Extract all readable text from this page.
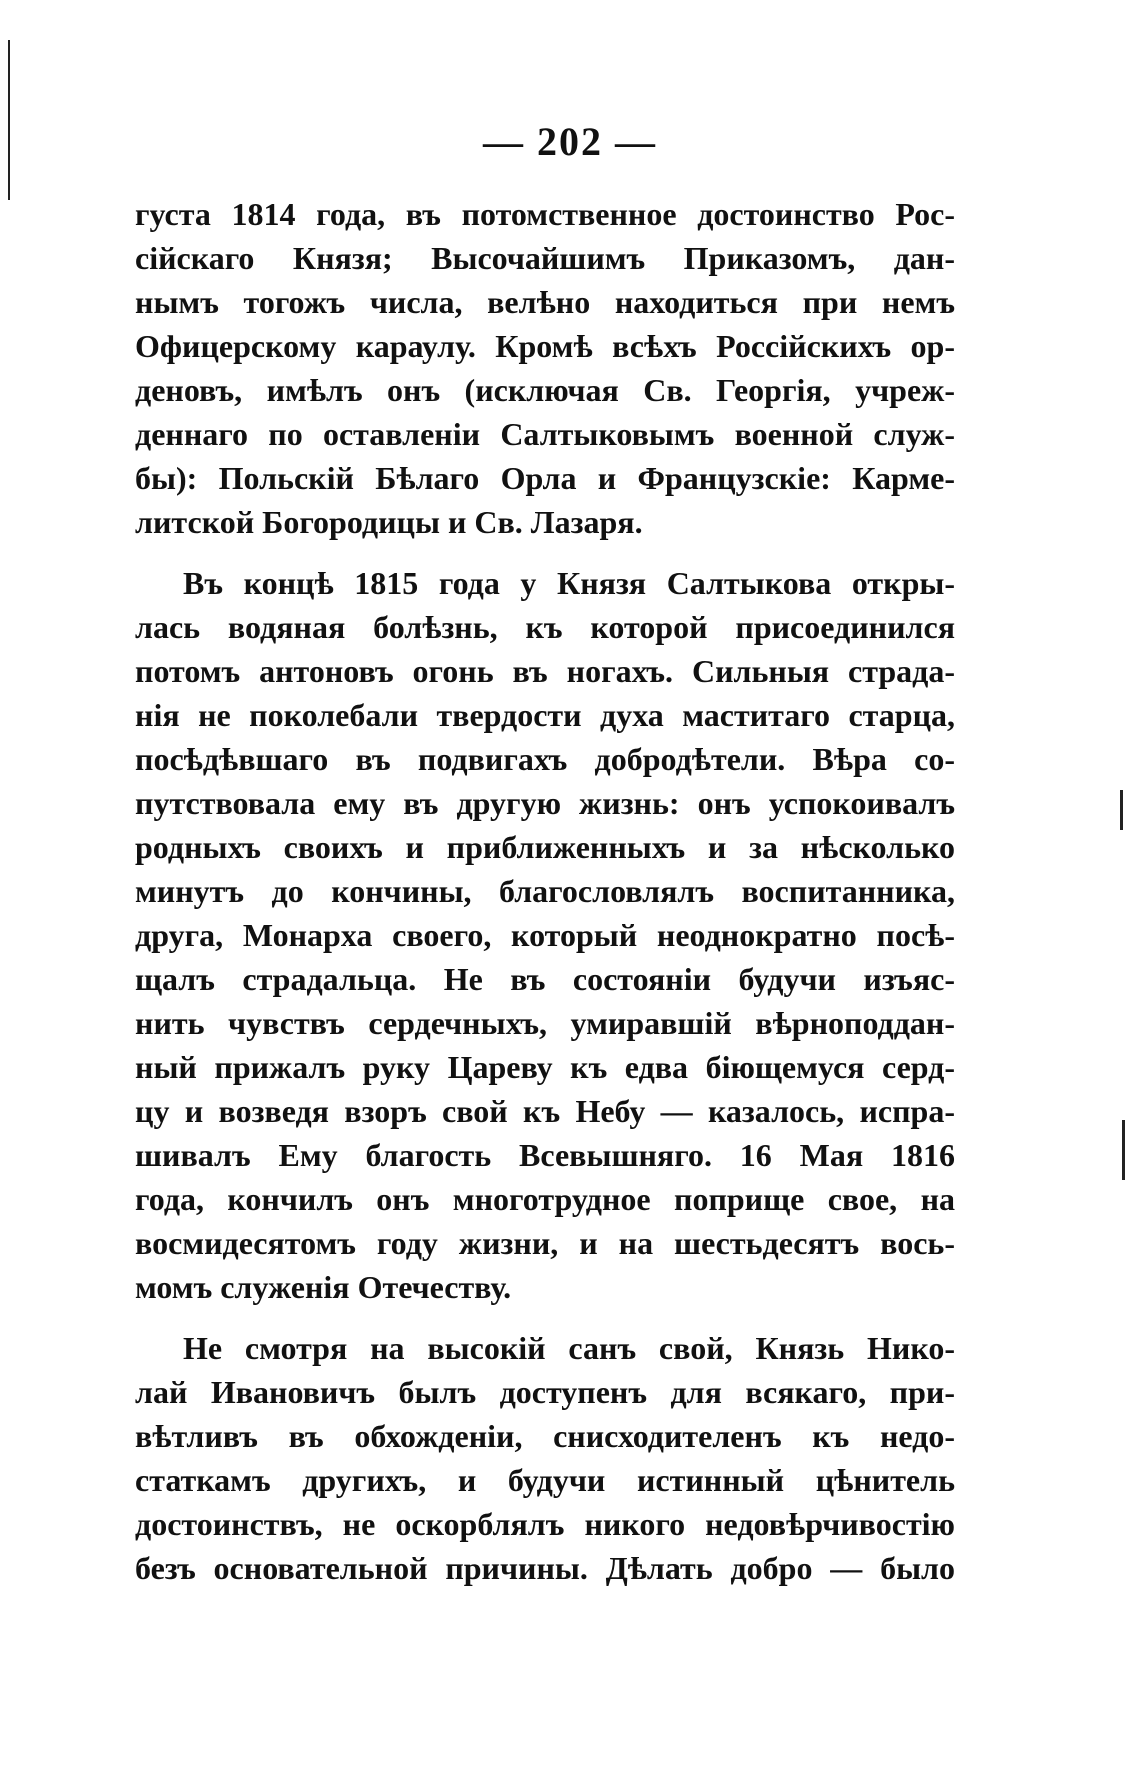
— 202 —
густа 1814 года, въ потомственное достоинство Рос-
сійскаго Князя; Высочайшимъ Приказомъ, дан-
нымъ тогожъ числа, велѣно находиться при немъ
Офицерскому караулу. Кромѣ всѣхъ Россійскихъ ор-
деновъ, имѣлъ онъ (исключая Св. Георгія, учреж-
деннаго по оставленіи Салтыковымъ военной служ-
бы): Польскій Бѣлаго Орла и Французскіе: Карме-
литской Богородицы и Св. Лазаря.
Въ концѣ 1815 года у Князя Салтыкова откры-
лась водяная болѣзнь, къ которой присоединился
потомъ антоновъ огонь въ ногахъ. Сильныя страда-
нія не поколебали твердости духа маститаго старца,
посѣдѣвшаго въ подвигахъ добродѣтели. Вѣра со-
путствовала ему въ другую жизнь: онъ успокоивалъ
родныхъ своихъ и приближенныхъ и за нѣсколько
минутъ до кончины, благословлялъ воспитанника,
друга, Монарха своего, который неоднократно посѣ-
щалъ страдальца. Не въ состояніи будучи изъяс-
нить чувствъ сердечныхъ, умиравшій вѣрноподдан-
ный прижалъ руку Цареву къ едва біющемуся серд-
цу и возведя взоръ свой къ Небу — казалось, испра-
шивалъ Ему благость Всевышняго. 16 Мая 1816
года, кончилъ онъ многотрудное поприще свое, на
восмидесятомъ году жизни, и на шестьдесятъ вось-
момъ служенія Отечеству.
Не смотря на высокій санъ свой, Князь Нико-
лай Ивановичъ былъ доступенъ для всякаго, при-
вѣтливъ въ обхожденіи, снисходителенъ къ недо-
статкамъ другихъ, и будучи истинный цѣнитель
достоинствъ, не оскорблялъ никого недовѣрчивостію
безъ основательной причины. Дѣлать добро — было
